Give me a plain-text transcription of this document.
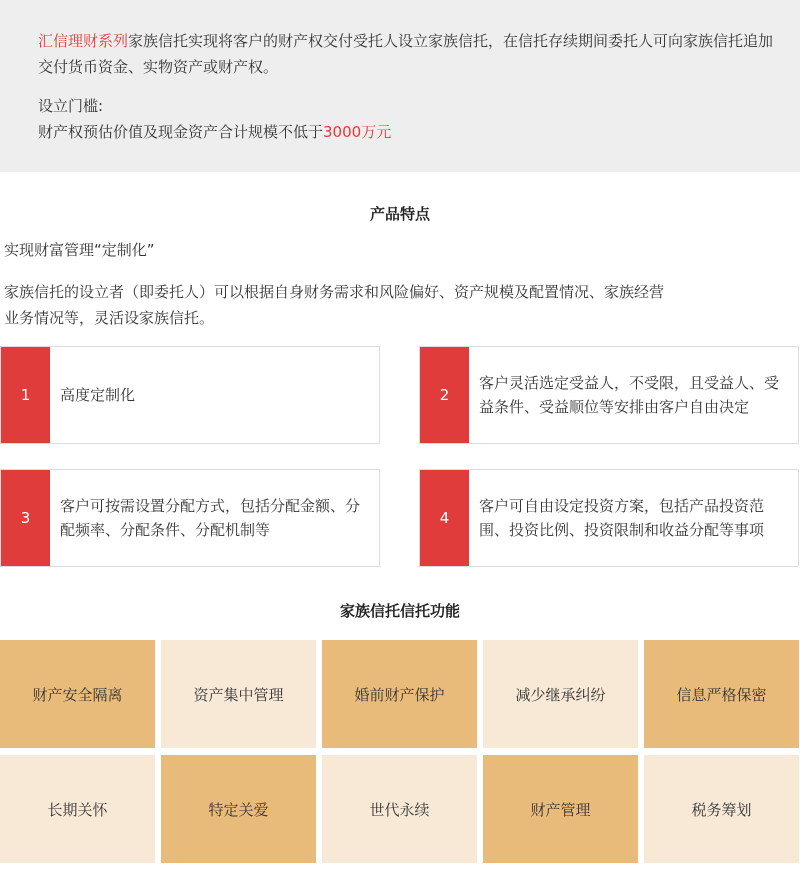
汇信理财系列家族信托实现将客户的财产权交付受托人设立家族信托，在信托存续期间委托人可向家族信托追加交付货币资金、实物资产或财产权。

设立门槛:

财产权预估价值及现金资产合计规模不低于3000万元

产品特点

实现财富管理“定制化”

家族信托的设立者（即委托人）可以根据自身财务需求和风险偏好、资产规模及配置情况、家族经营业务情况等，灵活设家族信托。

1	高度定制化	2
客户灵活选定受益人，不受限，且受益人、受益条件、受益顺位等安排由客户自由决定
3
客户可按需设置分配方式，包括分配金额、分配频率、分配条件、分配机制等
4
客户可自由设定投资方案，包括产品投资范围、投资比例、投资限制和收益分配等事项
家族信托信托功能
财产安全隔离	资产集中管理	婚前财产保护	减少继承纠纷	信息严格保密
长期关怀	特定关爱	世代永续	财产管理	税务筹划
